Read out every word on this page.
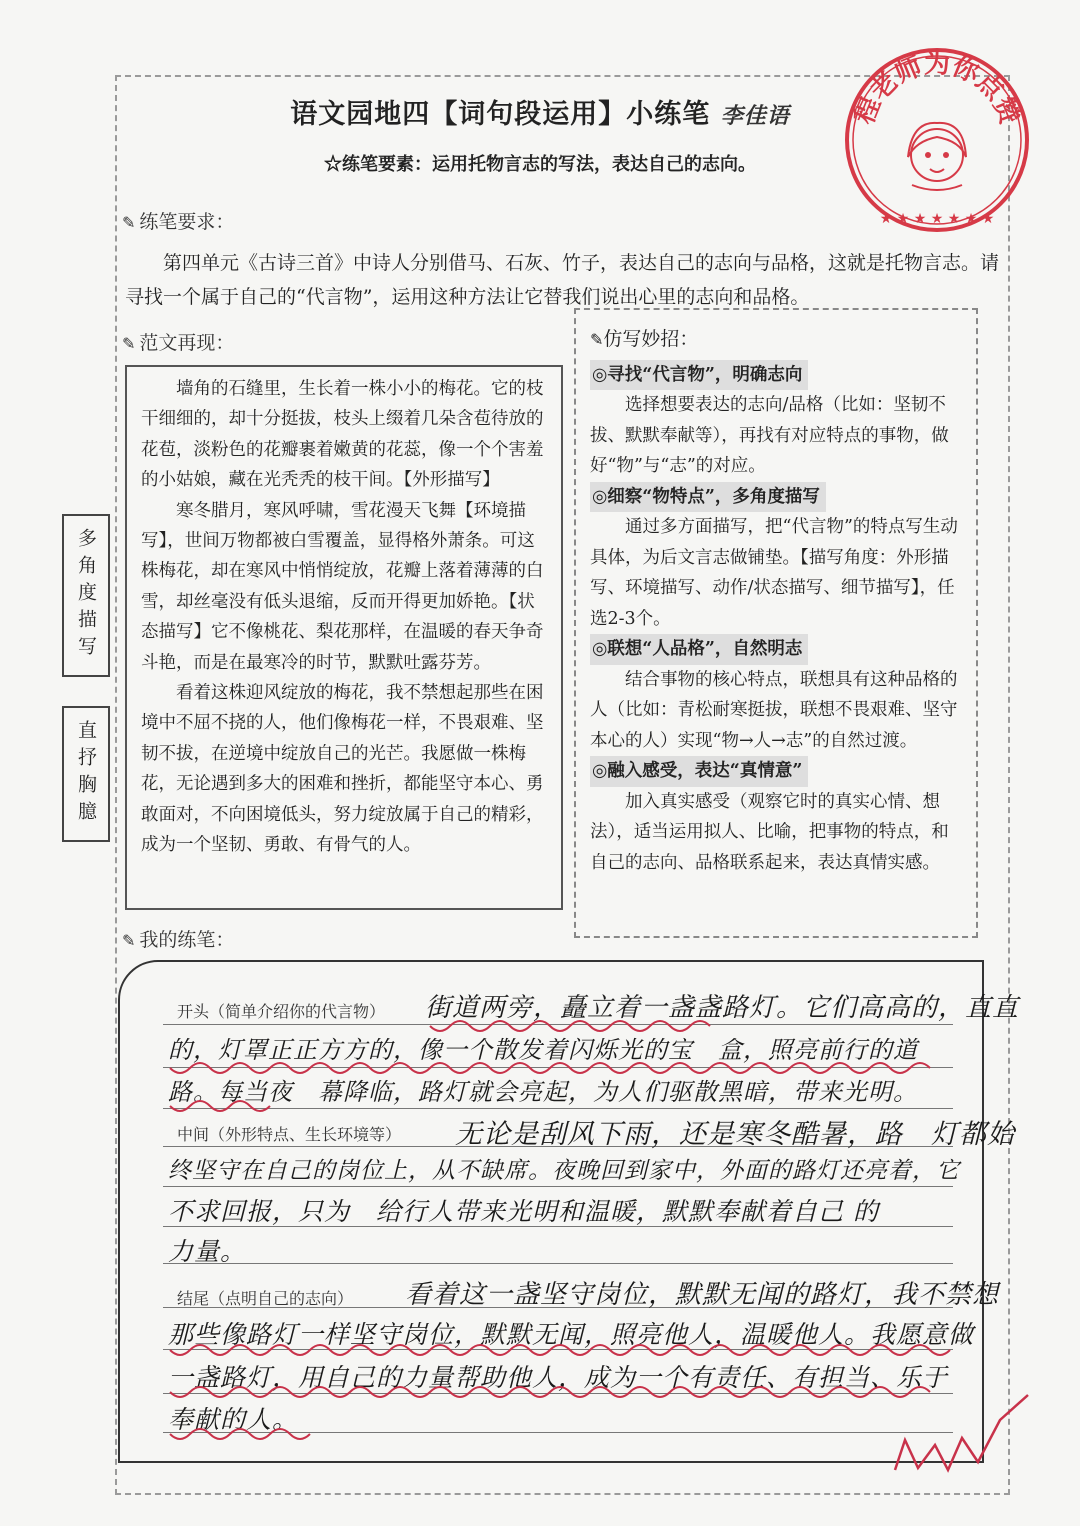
程老师为你点赞
★ ★ ★ ★ ★ ★ ★
语文园地四【词句段运用】小练笔 李佳语
☆练笔要素：运用托物言志的写法，表达自己的志向。
✎ 练笔要求：

第四单元《古诗三首》中诗人分别借马、石灰、竹子，表达自己的志向与品格，这就是托物言志。请寻找一个属于自己的“代言物”，运用这种方法让它替我们说出心里的志向和品格。

✎ 范文再现：
多角度描写
直抒胸臆

墙角的石缝里，生长着一株小小的梅花。它的枝干细细的，却十分挺拔，枝头上缀着几朵含苞待放的花苞，淡粉色的花瓣裹着嫩黄的花蕊，像一个个害羞的小姑娘，藏在光秃秃的枝干间。【外形描写】

寒冬腊月，寒风呼啸，雪花漫天飞舞【环境描写】，世间万物都被白雪覆盖，显得格外萧条。可这株梅花，却在寒风中悄悄绽放，花瓣上落着薄薄的白雪，却丝毫没有低头退缩，反而开得更加娇艳。【状态描写】它不像桃花、梨花那样，在温暖的春天争奇斗艳，而是在最寒冷的时节，默默吐露芬芳。

看着这株迎风绽放的梅花，我不禁想起那些在困境中不屈不挠的人，他们像梅花一样，不畏艰难、坚韧不拔，在逆境中绽放自己的光芒。我愿做一株梅花，无论遇到多大的困难和挫折，都能坚守本心、勇敢面对，不向困境低头，努力绽放属于自己的精彩，成为一个坚韧、勇敢、有骨气的人。

✎仿写妙招：
◎寻找“代言物”，明确志向

选择想要表达的志向/品格（比如：坚韧不拔、默默奉献等），再找有对应特点的事物，做好“物”与“志”的对应。

◎细察“物特点”，多角度描写

通过多方面描写，把“代言物”的特点写生动具体，为后文言志做铺垫。【描写角度：外形描写、环境描写、动作/状态描写、细节描写】，任选2-3个。

◎联想“人品格”，自然明志

结合事物的核心特点，联想具有这种品格的人（比如：青松耐寒挺拔，联想不畏艰难、坚守本心的人）实现“物→人→志”的自然过渡。

◎融入感受，表达“真情意”

加入真实感受（观察它时的真实心情、想法），适当运用拟人、比喻，把事物的特点，和自己的志向、品格联系起来，表达真情实感。

✎ 我的练笔：
开头（简单介绍你的代言物）
中间（外形特点、生长环境等）
结尾（点明自己的志向）
街道两旁，矗立着一盏盏路灯。它们高高的，直直
的，灯罩正正方方的，像一个散发着闪烁光的宝　盒，照亮前行的道
路。每当夜　幕降临，路灯就会亮起，为人们驱散黑暗，带来光明。
无论是刮风下雨，还是寒冬酷暑，路　灯都始
终坚守在自己的岗位上，从不缺席。夜晚回到家中，外面的路灯还亮着，它
不求回报，只为　给行人带来光明和温暖，默默奉献着自己 的
力量。
看着这一盏坚守岗位，默默无闻的路灯，我不禁想
那些像路灯一样坚守岗位，默默无闻，照亮他人，温暖他人。我愿意做
一盏路灯，用自己的力量帮助他人，成为一个有责任、有担当、乐于
奉献的人。
